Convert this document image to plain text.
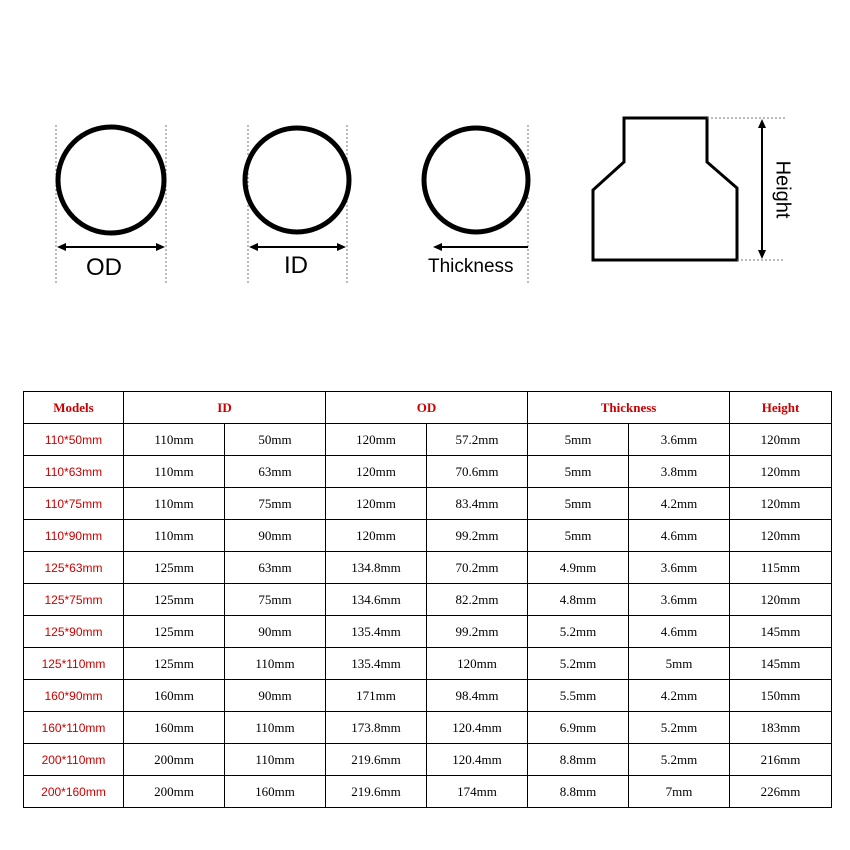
OD	ID	Thickness
Height
Models	ID		OD		Thickness		Height
110*50mm	110mm	50mm	120mm	57.2mm	5mm	3.6mm	120mm
110*63mm	110mm	63mm	120mm	70.6mm	5mm	3.8mm	120mm
110*75mm	110mm	75mm	120mm	83.4mm	5mm	4.2mm	120mm
110*90mm	110mm	90mm	120mm	99.2mm	5mm	4.6mm	120mm
125*63mm	125mm	63mm	134.8mm	70.2mm	4.9mm	3.6mm	115mm
125*75mm	125mm	75mm	134.6mm	82.2mm	4.8mm	3.6mm	120mm
125*90mm	125mm	90mm	135.4mm	99.2mm	5.2mm	4.6mm	145mm
125*110mm	125mm	110mm	135.4mm	120mm	5.2mm	5mm	145mm
160*90mm	160mm	90mm	171mm	98.4mm	5.5mm	4.2mm	150mm
160*110mm	160mm	110mm	173.8mm	120.4mm	6.9mm	5.2mm	183mm
200*110mm	200mm	110mm	219.6mm	120.4mm	8.8mm	5.2mm	216mm
200*160mm	200mm	160mm	219.6mm	174mm	8.8mm	7mm	226mm
